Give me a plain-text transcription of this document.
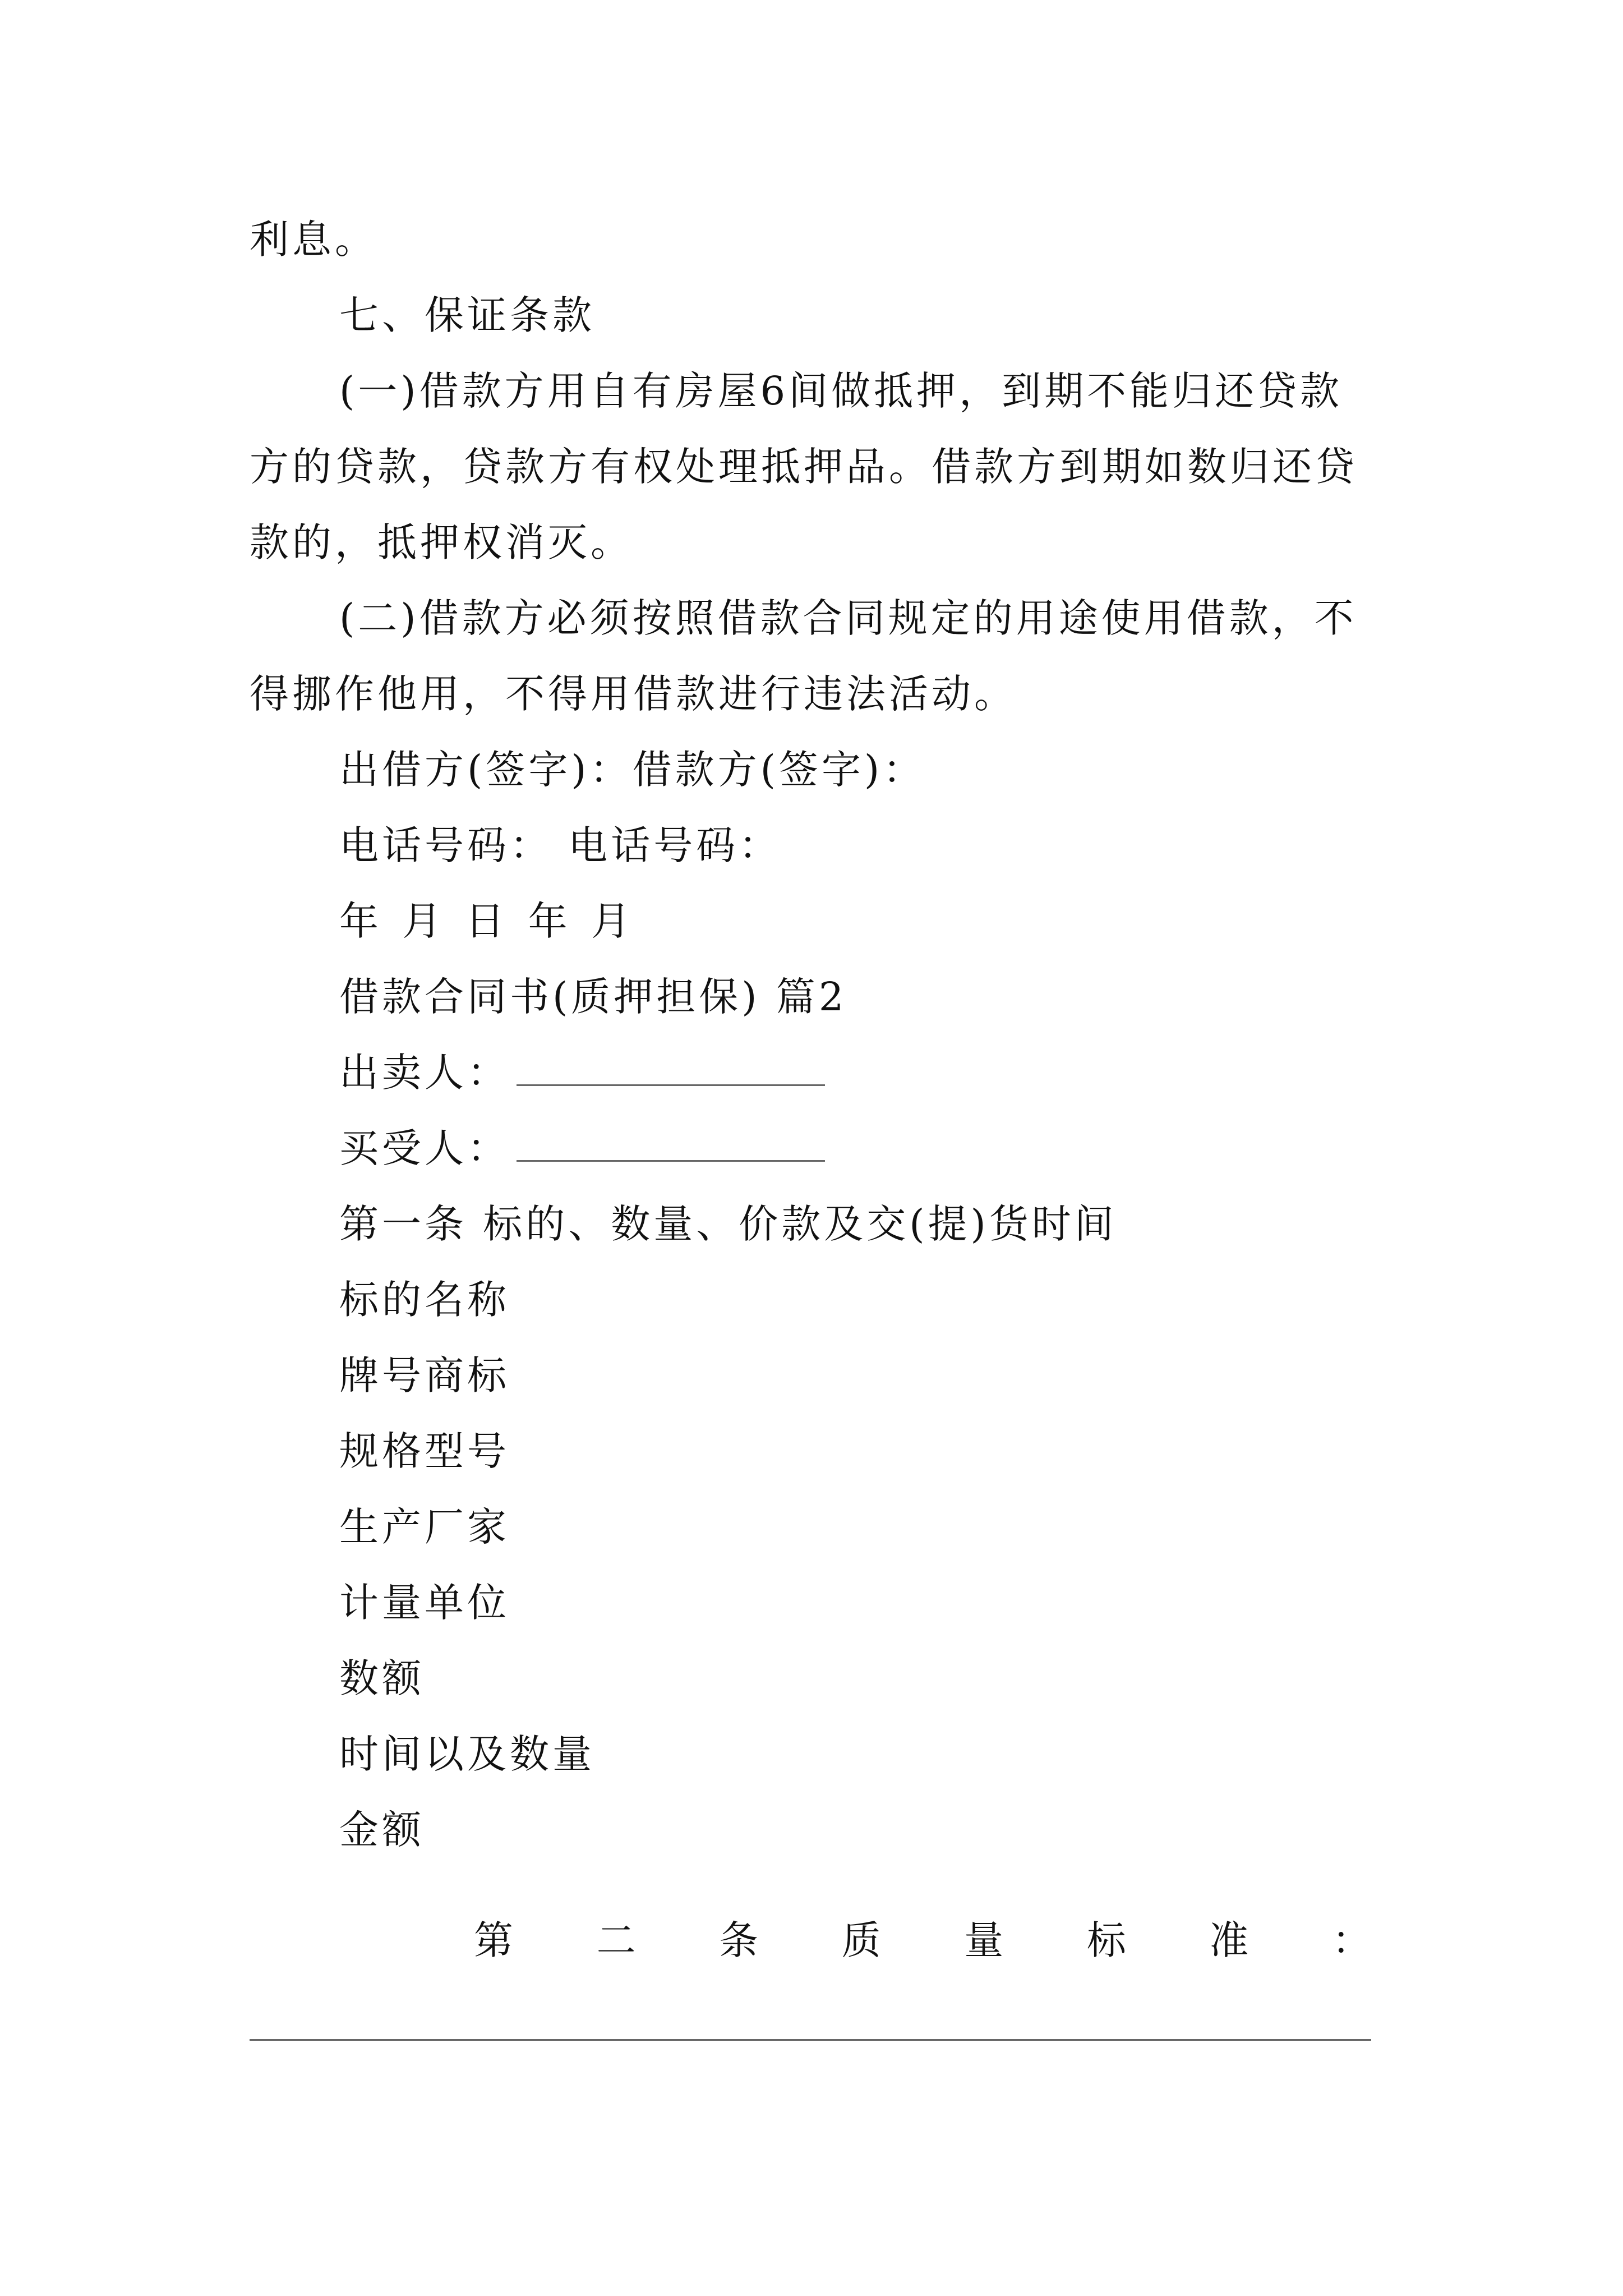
利息。
七、保证条款
(一)借款方用自有房屋6间做抵押，到期不能归还贷款
方的贷款，贷款方有权处理抵押品。借款方到期如数归还贷
款的，抵押权消灭。
(二)借款方必须按照借款合同规定的用途使用借款，不
得挪作他用，不得用借款进行违法活动。
出借方(签字)：借款方(签字)：
电话号码： 电话号码：
年 月 日 年 月
借款合同书(质押担保) 篇2
出卖人：
买受人：
第一条 标的、数量、价款及交(提)货时间
标的名称
牌号商标
规格型号
生产厂家
计量单位
数额
时间以及数量
金额
第 二 条 质 量 标 准 ：
